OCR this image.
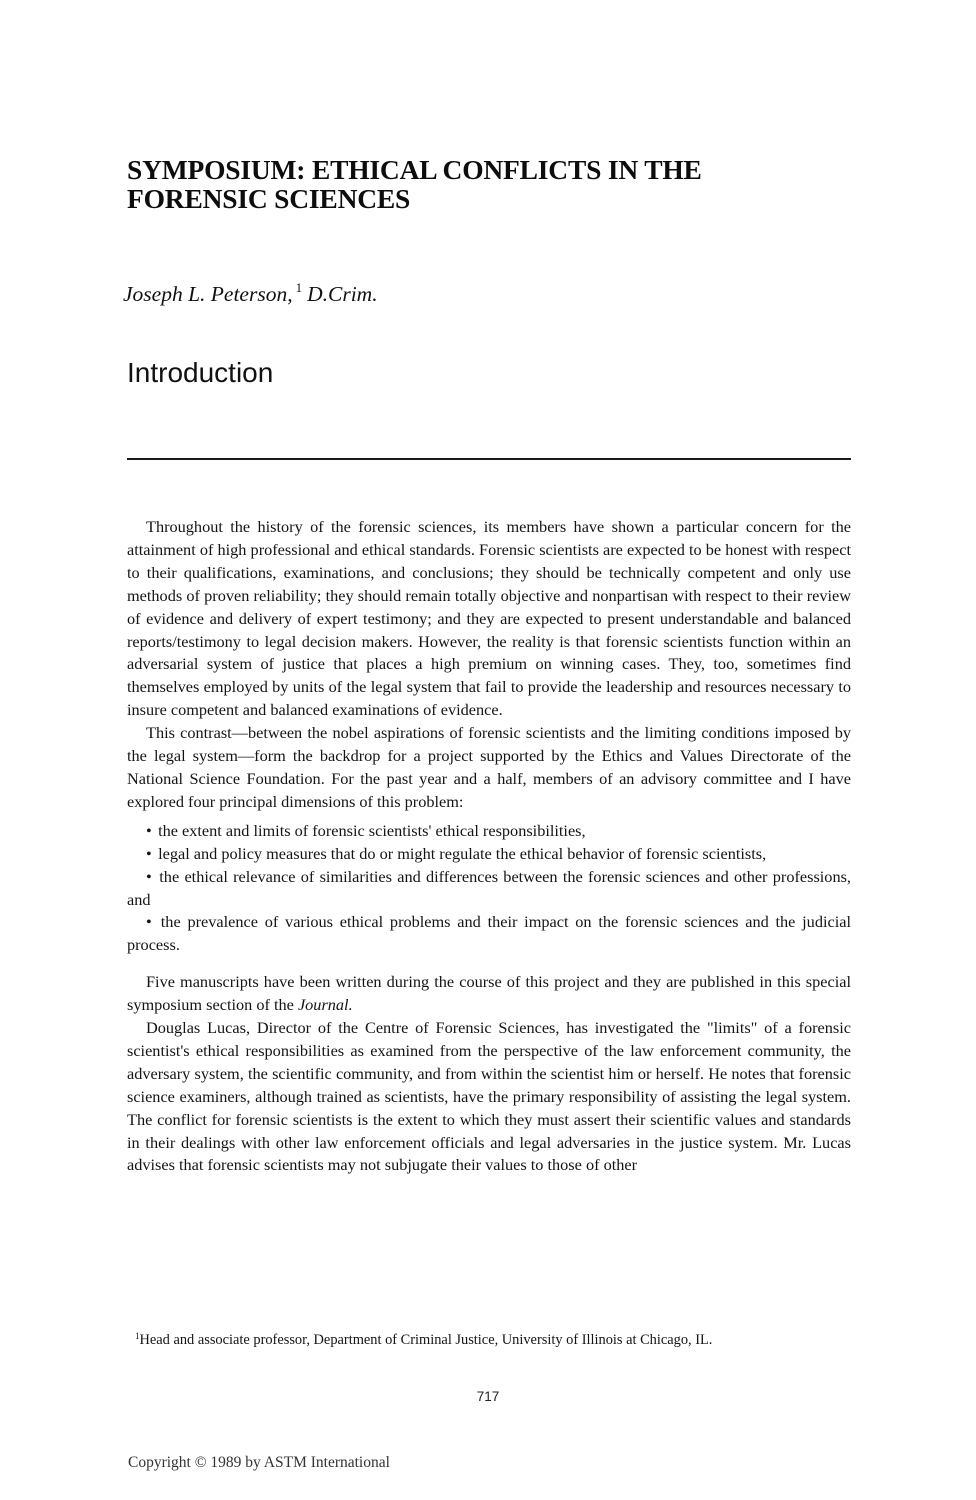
SYMPOSIUM: ETHICAL CONFLICTS IN THE
FORENSIC SCIENCES
Joseph L. Peterson, $^1$ D.Crim.
Introduction

Throughout the history of the forensic sciences, its members have shown a particular concern for the attainment of high professional and ethical standards. Forensic scientists are expected to be honest with respect to their qualifications, examinations, and conclusions; they should be technically competent and only use methods of proven reliability; they should remain totally objective and nonpartisan with respect to their review of evidence and delivery of expert testimony; and they are expected to present understandable and balanced reports/testimony to legal decision makers. However, the reality is that forensic scientists function within an adversarial system of justice that places a high premium on winning cases. They, too, sometimes find themselves employed by units of the legal system that fail to provide the leadership and resources necessary to insure competent and balanced examinations of evidence.

This contrast—between the nobel aspirations of forensic scientists and the limiting conditions imposed by the legal system—form the backdrop for a project supported by the Ethics and Values Directorate of the National Science Foundation. For the past year and a half, members of an advisory committee and I have explored four principal dimensions of this problem:

• the extent and limits of forensic scientists' ethical responsibilities,
• legal and policy measures that do or might regulate the ethical behavior of forensic scientists,
• the ethical relevance of similarities and differences between the forensic sciences and other professions, and
• the prevalence of various ethical problems and their impact on the forensic sciences and the judicial process.

Five manuscripts have been written during the course of this project and they are published in this special symposium section of the Journal.

Douglas Lucas, Director of the Centre of Forensic Sciences, has investigated the "limits" of a forensic scientist's ethical responsibilities as examined from the perspective of the law enforcement community, the adversary system, the scientific community, and from within the scientist him or herself. He notes that forensic science examiners, although trained as scientists, have the primary responsibility of assisting the legal system. The conflict for forensic scientists is the extent to which they must assert their scientific values and standards in their dealings with other law enforcement officials and legal adversaries in the justice system. Mr. Lucas advises that forensic scientists may not subjugate their values to those of other

$^1$Head and associate professor, Department of Criminal Justice, University of Illinois at Chicago, IL.
717
Copyright © 1989 by ASTM International
